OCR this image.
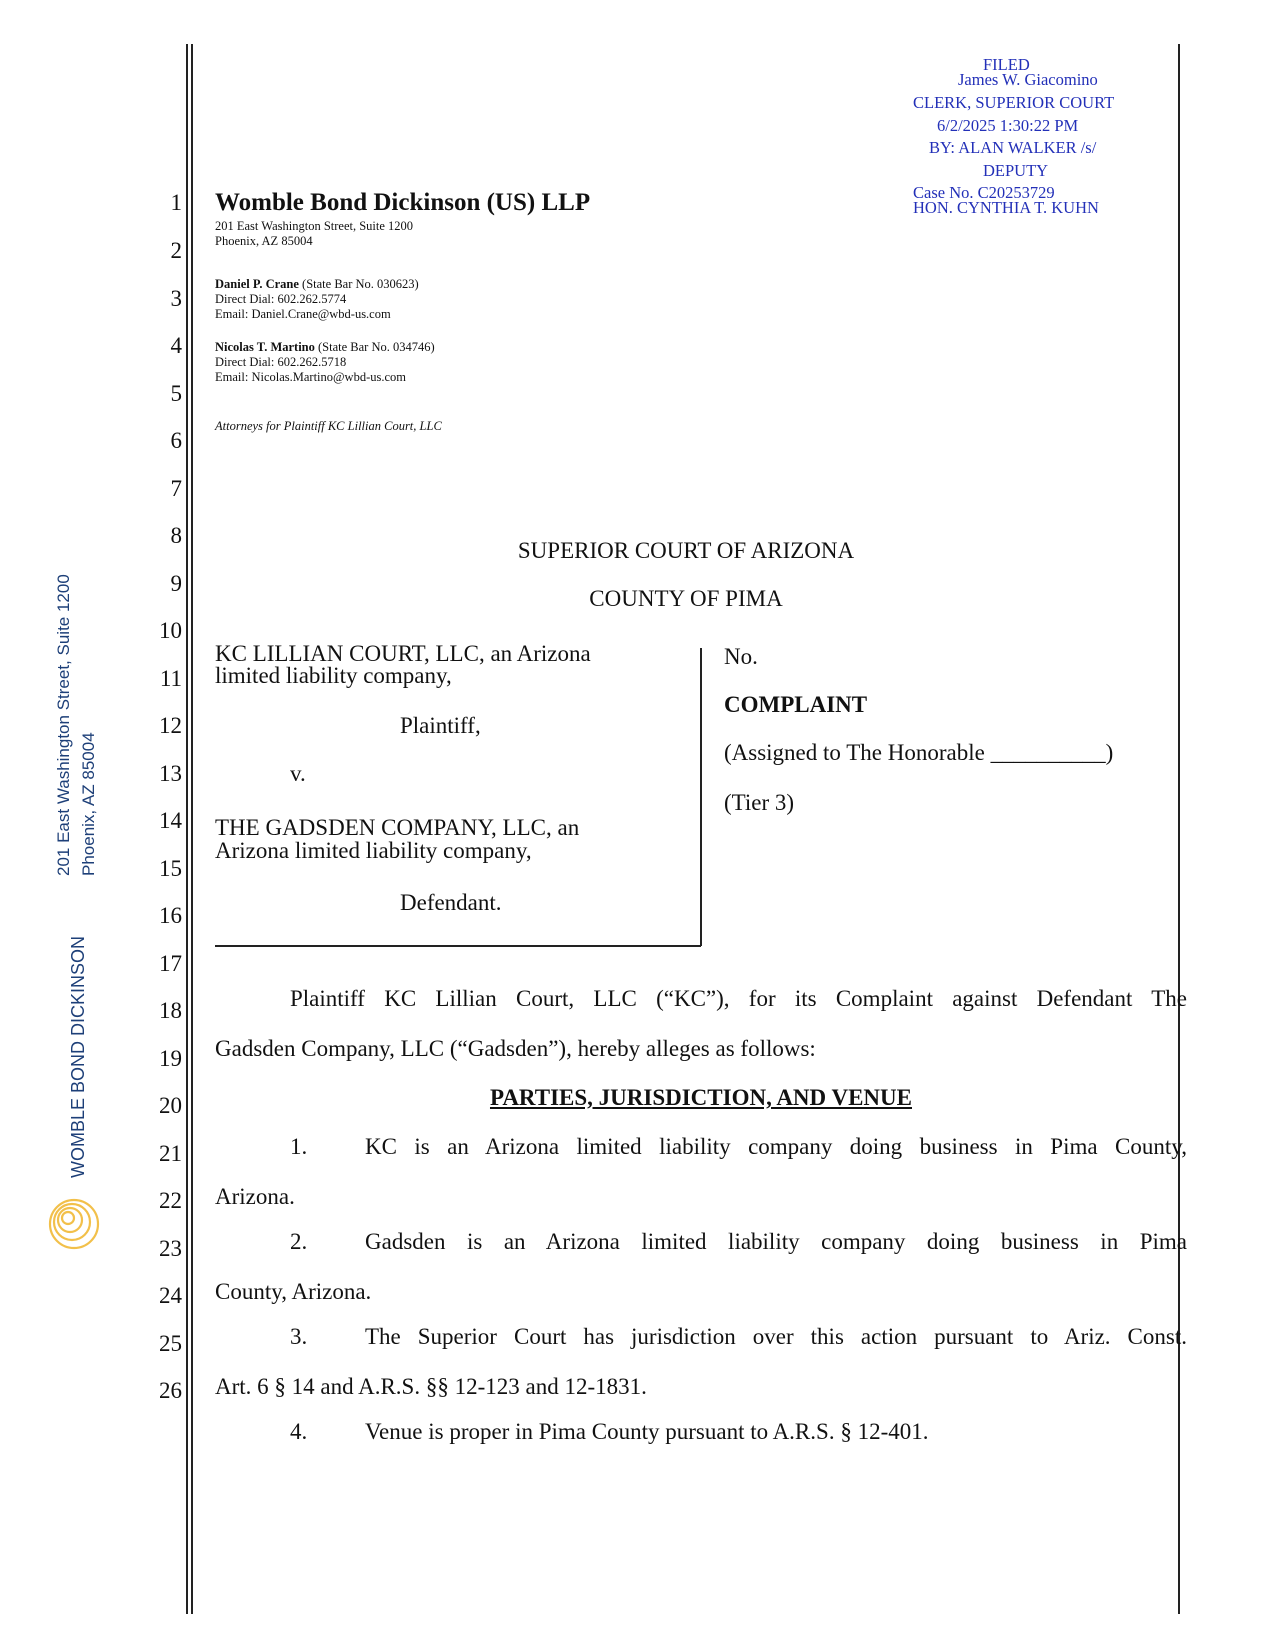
FILED
James W. Giacomino
CLERK, SUPERIOR COURT
6/2/2025 1:30:22 PM
BY: ALAN WALKER /s/
DEPUTY
Case No. C20253729
HON. CYNTHIA T. KUHN
201 East Washington Street, Suite 1200 Phoenix, AZ 85004
WOMBLE BOND DICKINSON
1
2
3
4
5
6
7
8
9
10
11
12
13
14
15
16
17
18
19
20
21
22
23
24
25
26
Womble Bond Dickinson (US) LLP
201 East Washington Street, Suite 1200
Phoenix, AZ 85004
Daniel P. Crane (State Bar No. 030623)
Direct Dial: 602.262.5774
Email: Daniel.Crane@wbd-us.com
Nicolas T. Martino (State Bar No. 034746)
Direct Dial: 602.262.5718
Email: Nicolas.Martino@wbd-us.com
Attorneys for Plaintiff KC Lillian Court, LLC
SUPERIOR COURT OF ARIZONA
COUNTY OF PIMA
KC LILLIAN COURT, LLC, an Arizona
limited liability company,
Plaintiff,
v.
THE GADSDEN COMPANY, LLC, an
Arizona limited liability company,
Defendant.
No.
COMPLAINT
(Assigned to The Honorable __________)
(Tier 3)
Plaintiff KC Lillian Court, LLC (“KC”), for its Complaint against Defendant The
Gadsden Company, LLC (“Gadsden”), hereby alleges as follows:
PARTIES, JURISDICTION, AND VENUE
1.	KC is an Arizona limited liability company doing business in Pima County,
Arizona.
2.	Gadsden is an Arizona limited liability company doing business in Pima
County, Arizona.
3.	The Superior Court has jurisdiction over this action pursuant to Ariz. Const.
Art. 6 § 14 and A.R.S. §§ 12-123 and 12-1831.
4.	Venue is proper in Pima County pursuant to A.R.S. § 12-401.
